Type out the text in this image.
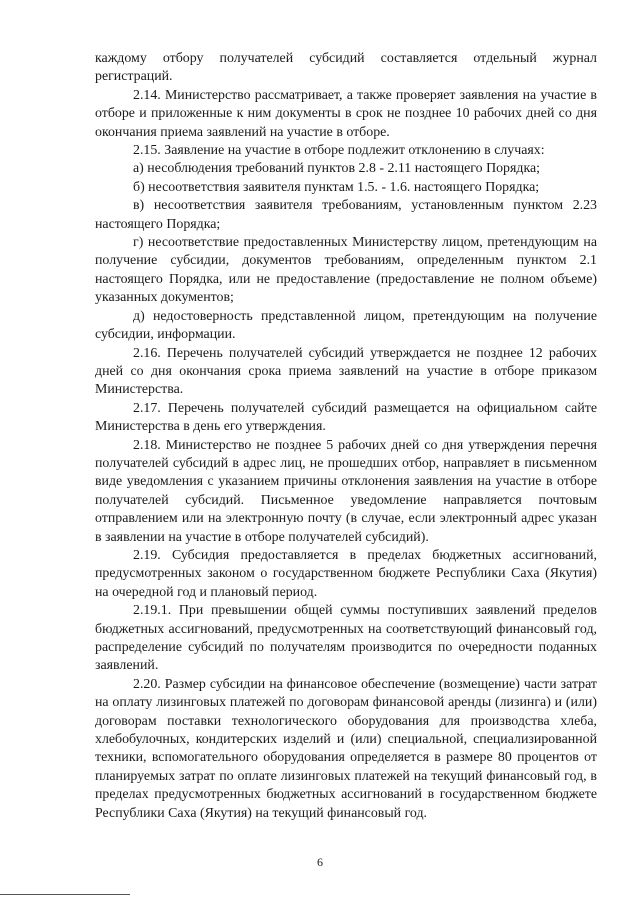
каждому отбору получателей субсидий составляется отдельный журнал регистраций.

2.14. Министерство рассматривает, а также проверяет заявления на участие в отборе и приложенные к ним документы в срок не позднее 10 рабочих дней со дня окончания приема заявлений на участие в отборе.

2.15. Заявление на участие в отборе подлежит отклонению в случаях:

а) несоблюдения требований пунктов 2.8 - 2.11 настоящего Порядка;

б) несоответствия заявителя пунктам 1.5. - 1.6. настоящего Порядка;

в) несоответствия заявителя требованиям, установленным пунктом 2.23 настоящего Порядка;

г) несоответствие предоставленных Министерству лицом, претендующим на получение субсидии, документов требованиям, определенным пунктом 2.1 настоящего Порядка, или не предоставление (предоставление не полном объеме) указанных документов;

д) недостоверность представленной лицом, претендующим на получение субсидии, информации.

2.16. Перечень получателей субсидий утверждается не позднее 12 рабочих дней со дня окончания срока приема заявлений на участие в отборе приказом Министерства.

2.17. Перечень получателей субсидий размещается на официальном сайте Министерства в день его утверждения.

2.18. Министерство не позднее 5 рабочих дней со дня утверждения перечня получателей субсидий в адрес лиц, не прошедших отбор, направляет в письменном виде уведомления с указанием причины отклонения заявления на участие в отборе получателей субсидий. Письменное уведомление направляется почтовым отправлением или на электронную почту (в случае, если электронный адрес указан в заявлении на участие в отборе получателей субсидий).

2.19. Субсидия предоставляется в пределах бюджетных ассигнований, предусмотренных законом о государственном бюджете Республики Саха (Якутия) на очередной год и плановый период.

2.19.1. При превышении общей суммы поступивших заявлений пределов бюджетных ассигнований, предусмотренных на соответствующий финансовый год, распределение субсидий по получателям производится по очередности поданных заявлений.

2.20. Размер субсидии на финансовое обеспечение (возмещение) части затрат на оплату лизинговых платежей по договорам финансовой аренды (лизинга) и (или) договорам поставки технологического оборудования для производства хлеба, хлебобулочных, кондитерских изделий и (или) специальной, специализированной техники, вспомогательного оборудования определяется в размере 80 процентов от планируемых затрат по оплате лизинговых платежей на текущий финансовый год, в пределах предусмотренных бюджетных ассигнований в государственном бюджете Республики Саха (Якутия) на текущий финансовый год.

6
